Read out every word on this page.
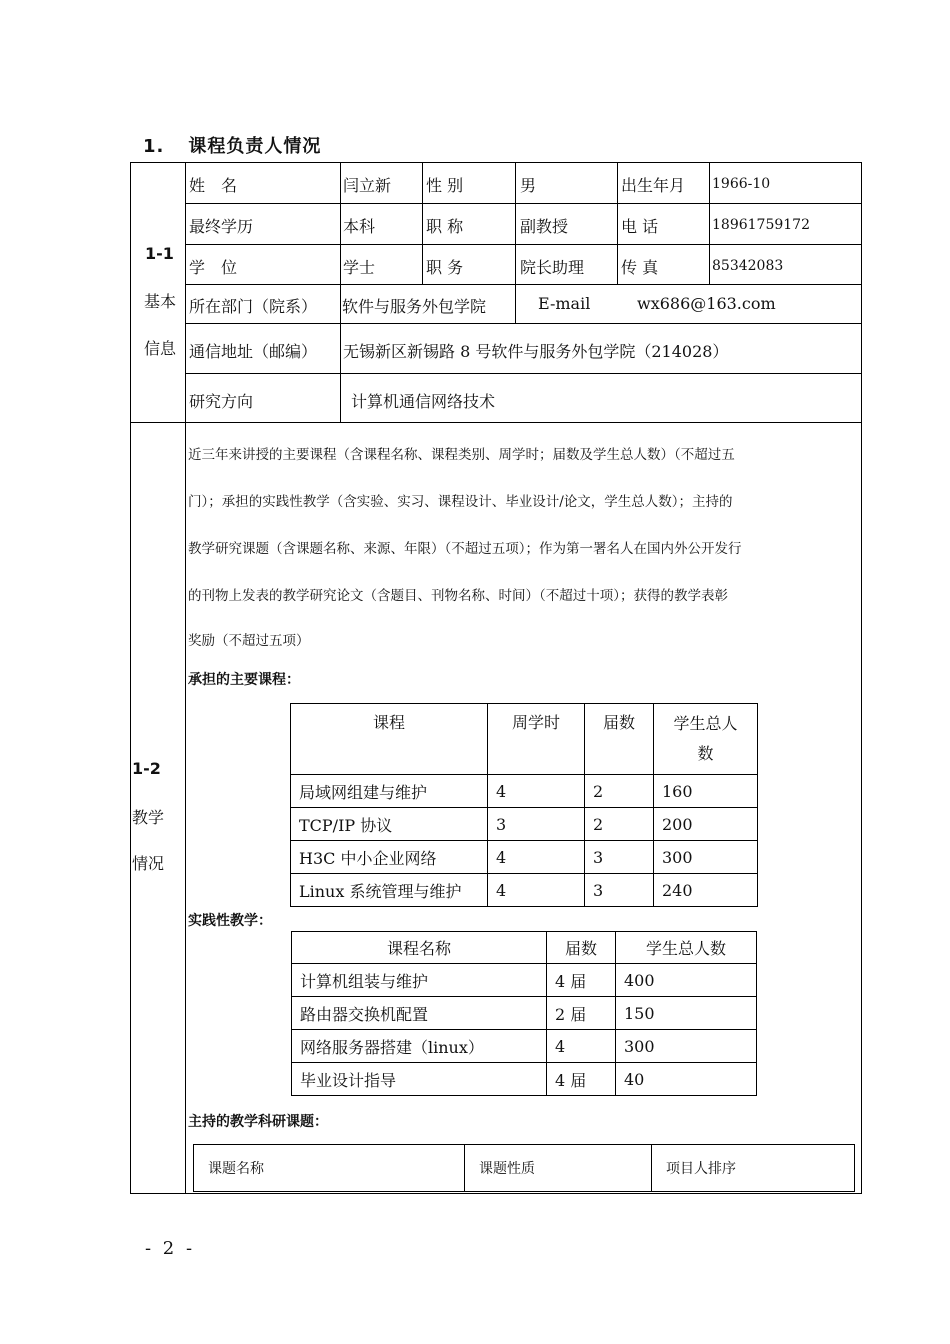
1. 课程负责人情况
1-1
基本
信息
姓　名	闫立新 性 别	男	出生年月 1966-10
最终学历	本科	职 称	副教授	电 话	18961759172
学　位	学士	职 务	院长助理 传 真	85342083
所在部门（院系） 软件与服务外包学院	E-mail	wx686@163.com
通信地址（邮编） 无锡新区新锡路 8 号软件与服务外包学院（214028）
研究方向	计算机通信网络技术
1-2
教学
情况
近三年来讲授的主要课程（含课程名称、课程类别、周学时；届数及学生总人数）（不超过五
门）；承担的实践性教学（含实验、实习、课程设计、毕业设计/论文，学生总人数）；主持的
教学研究课题（含课题名称、来源、年限）（不超过五项）；作为第一署名人在国内外公开发行
的刊物上发表的教学研究论文（含题目、刊物名称、时间）（不超过十项）；获得的教学表彰
奖励（不超过五项）
承担的主要课程：
课程	周学时	届数	学生总人
数
局域网组建与维护	4	2	160
TCP/IP 协议	3	2	200
H3C 中小企业网络	4	3	300
Linux 系统管理与维护	4	3	240
实践性教学：
课程名称	届数	学生总人数
计算机组装与维护	4 届	400
路由器交换机配置	2 届	150
网络服务器搭建（linux）	4	300
毕业设计指导	4 届	40
主持的教学科研课题：
课题名称	课题性质	项目人排序
- 2 -
